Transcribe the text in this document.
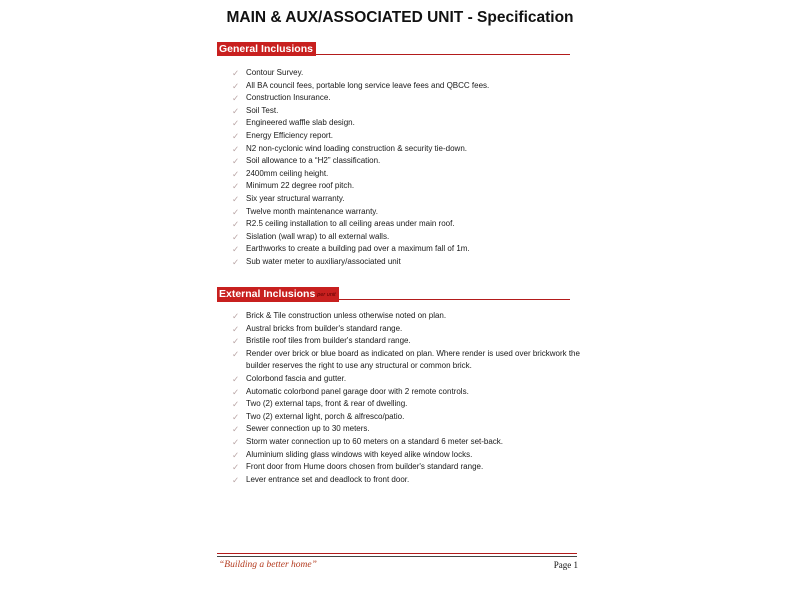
MAIN & AUX/ASSOCIATED UNIT - Specification
General Inclusions
✓ Contour Survey.
✓ All BA council fees, portable long service leave fees and QBCC fees.
✓ Construction Insurance.
✓ Soil Test.
✓ Engineered waffle slab design.
✓ Energy Efficiency report.
✓ N2 non-cyclonic wind loading construction & security tie-down.
✓ Soil allowance to a “H2” classification.
✓ 2400mm ceiling height.
✓ Minimum 22 degree roof pitch.
✓ Six year structural warranty.
✓ Twelve month maintenance warranty.
✓ R2.5 ceiling installation to all ceiling areas under main roof.
✓ Sislation (wall wrap) to all external walls.
✓ Earthworks to create a building pad over a maximum fall of 1m.
✓ Sub water meter to auxiliary/associated unit
External Inclusions per unit
✓ Brick & Tile construction unless otherwise noted on plan.
✓ Austral bricks from builder's standard range.
✓ Bristile roof tiles from builder's standard range.
✓ Render over brick or blue board as indicated on plan. Where render is used over brickwork the builder reserves the right to use any structural or common brick.
✓ Colorbond fascia and gutter.
✓ Automatic colorbond panel garage door with 2 remote controls.
✓ Two (2) external taps, front & rear of dwelling.
✓ Two (2) external light, porch & alfresco/patio.
✓ Sewer connection up to 30 meters.
✓ Storm water connection up to 60 meters on a standard 6 meter set-back.
✓ Aluminium sliding glass windows with keyed alike window locks.
✓ Front door from Hume doors chosen from builder's standard range.
✓ Lever entrance set and deadlock to front door.
“Building a better home”	Page 1
